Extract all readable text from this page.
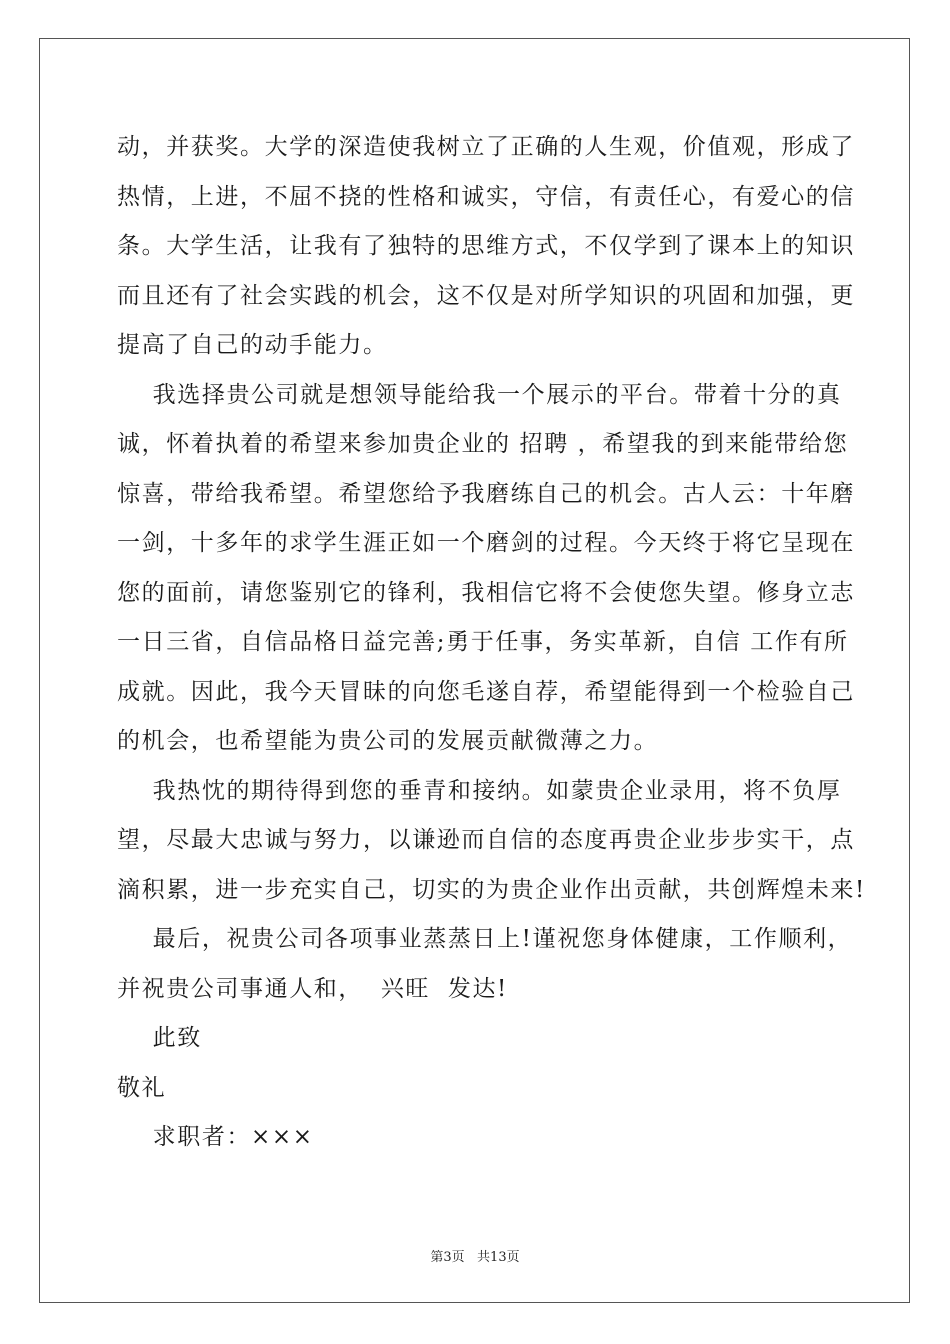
动，并获奖。大学的深造使我树立了正确的人生观，价值观，形成了

热情，上进，不屈不挠的性格和诚实，守信，有责任心，有爱心的信

条。大学生活，让我有了独特的思维方式，不仅学到了课本上的知识

而且还有了社会实践的机会，这不仅是对所学知识的巩固和加强，更

提高了自己的动手能力。

我选择贵公司就是想领导能给我一个展示的平台。带着十分的真

诚，怀着执着的希望来参加贵企业的 招聘 ，希望我的到来能带给您

惊喜，带给我希望。希望您给予我磨练自己的机会。古人云：十年磨

一剑，十多年的求学生涯正如一个磨剑的过程。今天终于将它呈现在

您的面前，请您鉴别它的锋利，我相信它将不会使您失望。修身立志

一日三省，自信品格日益完善;勇于任事，务实革新，自信 工作有所

成就。因此，我今天冒昧的向您毛遂自荐，希望能得到一个检验自己

的机会，也希望能为贵公司的发展贡献微薄之力。

我热忱的期待得到您的垂青和接纳。如蒙贵企业录用，将不负厚

望，尽最大忠诚与努力，以谦逊而自信的态度再贵企业步步实干，点

滴积累，进一步充实自己，切实的为贵企业作出贡献，共创辉煌未来!

最后，祝贵公司各项事业蒸蒸日上!谨祝您身体健康，工作顺利，

并祝贵公司事通人和，  兴旺  发达!

此致

敬礼

求职者：×××

第3页   共13页
